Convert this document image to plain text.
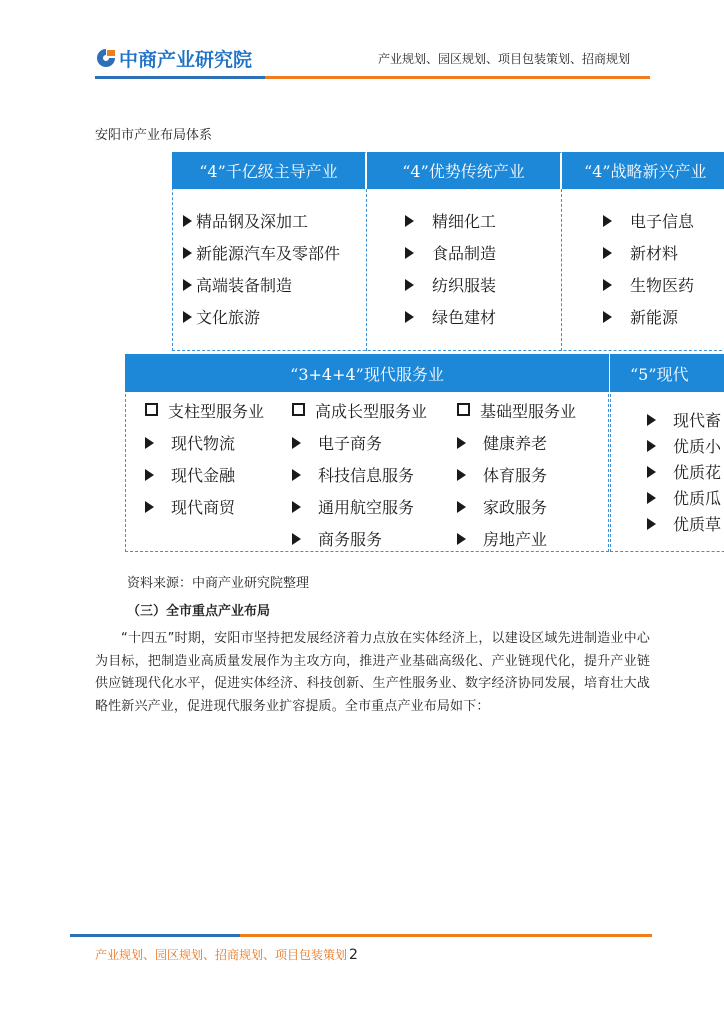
中商产业研究院	产业规划、园区规划、项目包装策划、招商规划
安阳市产业布局体系
“4”千亿级主导产业	“4”优势传统产业	“4”战略新兴产业
精品钢及深加工
新能源汽车及零部件
高端装备制造
文化旅游
精细化工
食品制造
纺织服装
绿色建材
电子信息
新材料
生物医药
新能源
“3+4+4”现代服务业	“5”现代
支柱型服务业	高成长型服务业	基础型服务业
现代物流
现代金融
现代商贸
电子商务
科技信息服务
通用航空服务
商务服务
健康养老
体育服务
家政服务
房地产业
现代畜
优质小
优质花
优质瓜
优质草
资料来源：中商产业研究院整理
（三）全市重点产业布局
“十四五”时期，安阳市坚持把发展经济着力点放在实体经济上，以建设区域先进制造业中心为目标，把制造业高质量发展作为主攻方向，推进产业基础高级化、产业链现代化，提升产业链供应链现代化水平，促进实体经济、科技创新、生产性服务业、数字经济协同发展，培育壮大战略性新兴产业，促进现代服务业扩容提质。全市重点产业布局如下：
产业规划、园区规划、招商规划、项目包装策划 2
